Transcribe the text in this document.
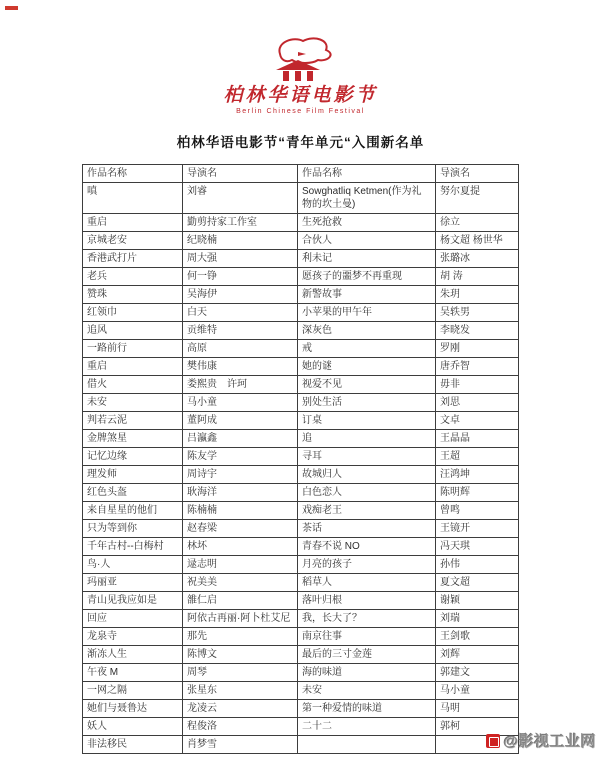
柏林华语电影节
Berlin Chinese Film Festival
柏林华语电影节“青年单元“入围新名单
作品名称	导演名	作品名称	导演名
嗔	刘睿	Sowghatliq Ketmen(作为礼物的坎土曼)	努尔夏提
重启	勤剪持家工作室	生死抢救	徐立
京城老安	纪晓楠	合伙人	杨文超 杨世华
香港武打片	周大强	利未记	张璐冰
老兵	何一铮	愿孩子的噩梦不再重现	胡 涛
赞珠	吴海伊	新警故事	朱玥
红领巾	白天	小苹果的甲午年	吴轶男
追风	贡维特	深灰色	李晓发
一路前行	高原	戒	罗刚
重启	樊伟康	她的谜	唐乔智
借火	娄熙贵　许珂	视爱不见	毋非
未安	马小童	别处生活	刘思
判若云泥	董阿成	订桌	文卓
金牌煞星	吕瀛鑫	追	王晶晶
记忆边缘	陈友学	寻耳	王超
理发师	周诗宇	故城归人	汪鸿坤
红色头盔	耿海洋	白色恋人	陈明辉
来自星星的他们	陈楠楠	戏痴老王	曾鸣
只为等到你	赵春梁	茶话	王镜开
千年古村--白梅村	林坏	青春不说 NO	冯天琪
鸟·人	逯志明	月亮的孩子	孙伟
玛丽亚	祝美美	稻草人	夏文超
青山见我应如是	雒仁启	落叶归根	谢颖
回应	阿依古再丽·阿卜杜艾尼	我，长大了？	刘瑞
龙泉寺	那先	南京往事	王剑歌
渐冻人生	陈博文	最后的三寸金莲	刘辉
午夜 M	周琴	海的味道	郭建文
一网之隔	张星东	未安	马小童
她们与聂鲁达	龙凌云	第一种爱情的味道	马明
妖人	程俊洛	二十二	郭柯
非法移民	肖梦雪			@影视工业网
